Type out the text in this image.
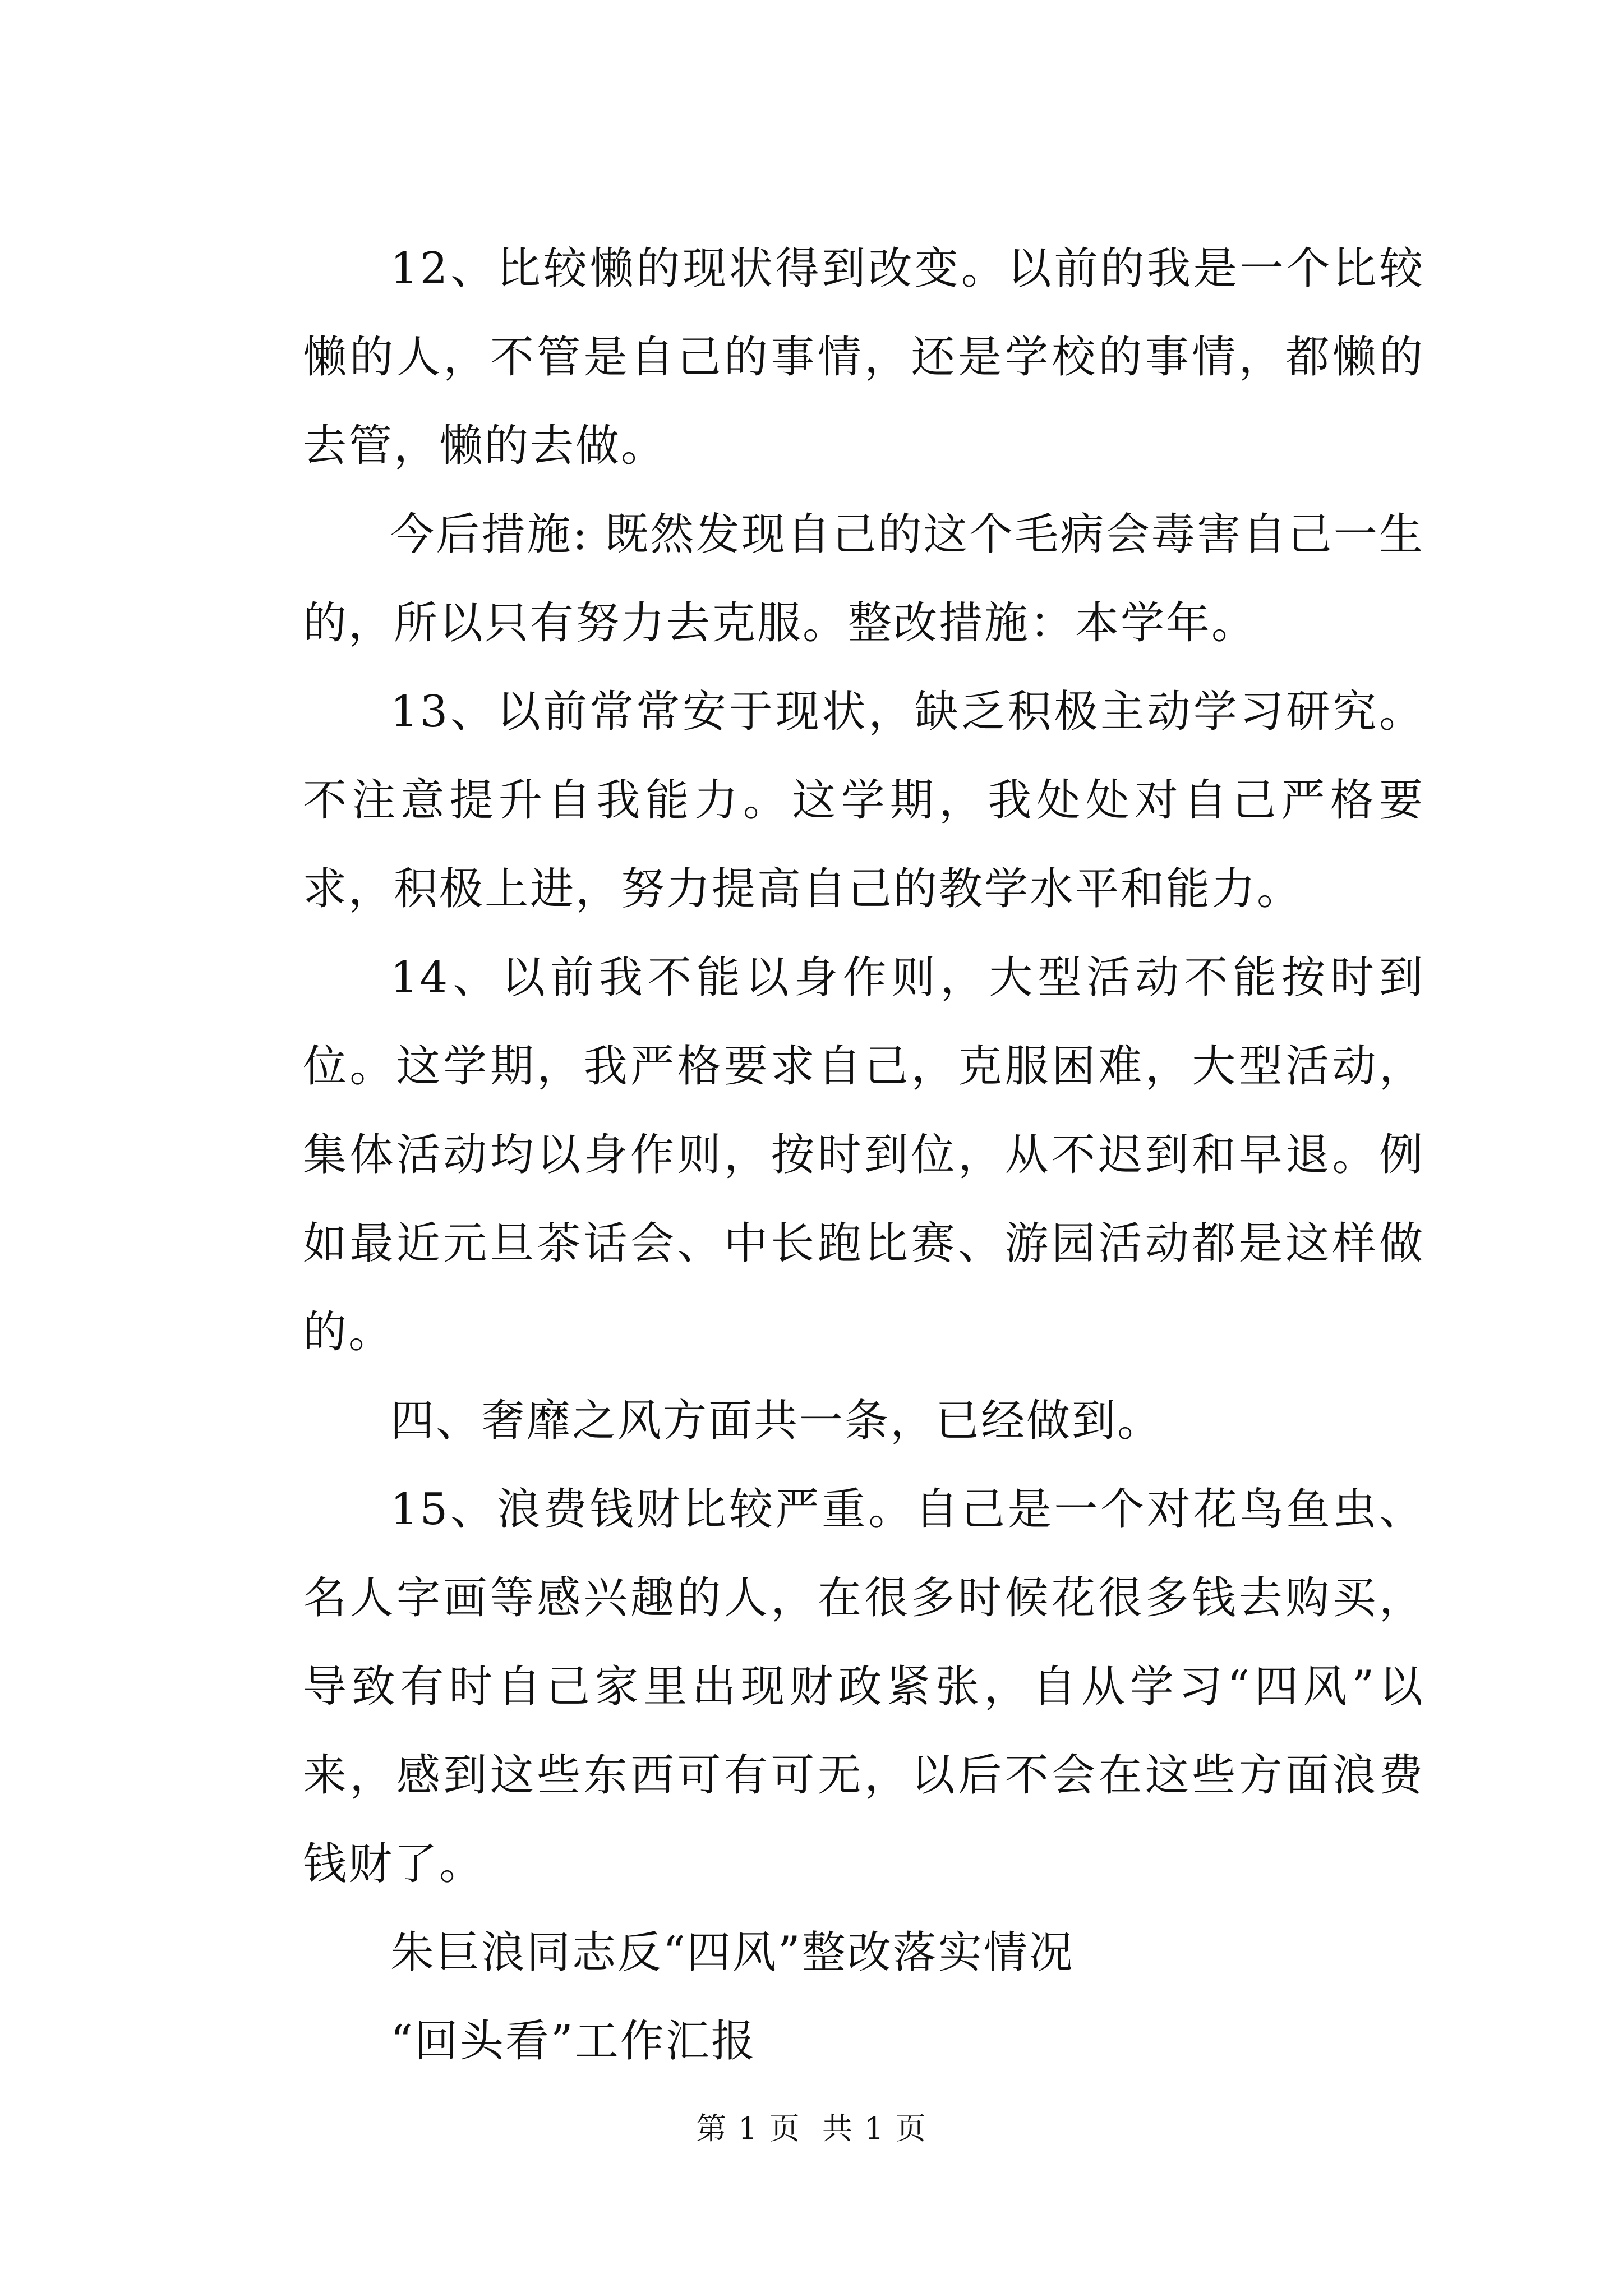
12、比较懒的现状得到改变。以前的我是一个比较懒的人，不管是自己的事情，还是学校的事情，都懒的去管，懒的去做。

今后措施: 既然发现自己的这个毛病会毒害自己一生的，所以只有努力去克服。整改措施：本学年。

13、以前常常安于现状，缺乏积极主动学习研究。不注意提升自我能力。这学期，我处处对自己严格要求，积极上进，努力提高自己的教学水平和能力。

14、以前我不能以身作则，大型活动不能按时到位。这学期，我严格要求自己，克服困难，大型活动，集体活动均以身作则，按时到位，从不迟到和早退。例如最近元旦茶话会、中长跑比赛、游园活动都是这样做的。

四、奢靡之风方面共一条，已经做到。

15、浪费钱财比较严重。自己是一个对花鸟鱼虫、名人字画等感兴趣的人，在很多时候花很多钱去购买，导致有时自己家里出现财政紧张，自从学习“四风”以来，感到这些东西可有可无，以后不会在这些方面浪费钱财了。

朱巨浪同志反“四风”整改落实情况

“回头看”工作汇报

第 1 页  共 1 页
